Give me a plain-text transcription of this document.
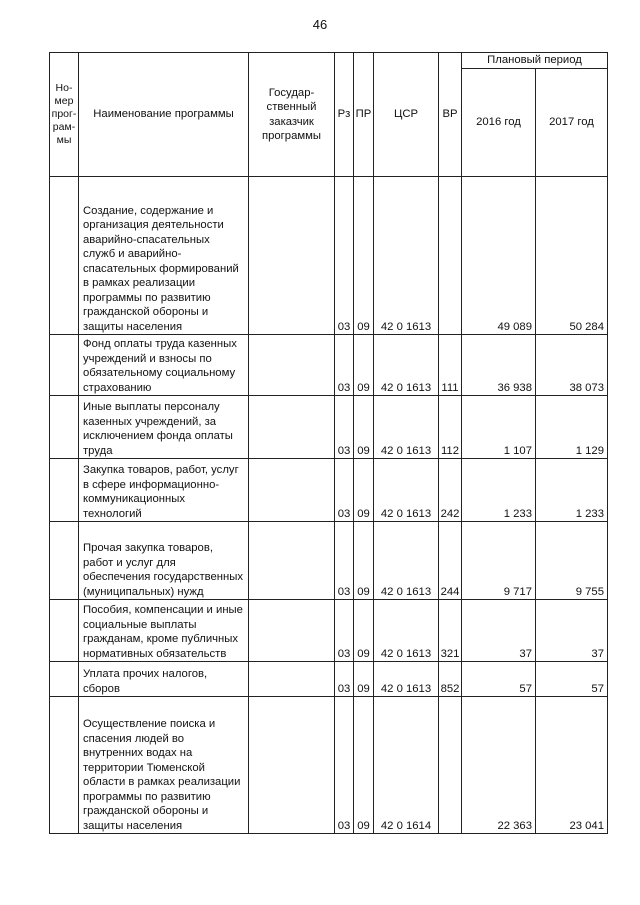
46
Но-
мер
прог-
рам-
мы	Наименование программы	Государ-
ственный
заказчик
программы	Рз	ПР	ЦСР	ВР	Плановый период	
							2016 год	2017 год
	Создание, содержание и организация деятельности аварийно-спасательных служб и аварийно-спасательных формирований в рамках реализации программы по развитию гражданской обороны и защиты населения		03	09	42 0 1613		49 089	50 284
	Фонд оплаты труда казенных учреждений и взносы по обязательному социальному страхованию		03	09	42 0 1613	111	36 938	38 073
	Иные выплаты персоналу казенных учреждений, за исключением фонда оплаты труда		03	09	42 0 1613	112	1 107	1 129
	Закупка товаров, работ, услуг в сфере информационно-коммуникационных технологий		03	09	42 0 1613	242	1 233	1 233
	Прочая закупка товаров, работ и услуг для обеспечения государственных (муниципальных) нужд		03	09	42 0 1613	244	9 717	9 755
	Пособия, компенсации и иные социальные выплаты гражданам, кроме публичных нормативных обязательств		03	09	42 0 1613	321	37	37
	Уплата прочих налогов, сборов		03	09	42 0 1613	852	57	57
	Осуществление поиска и спасения людей во внутренних водах на территории Тюменской области в рамках реализации программы по развитию гражданской обороны и защиты населения		03	09	42 0 1614		22 363	23 041
